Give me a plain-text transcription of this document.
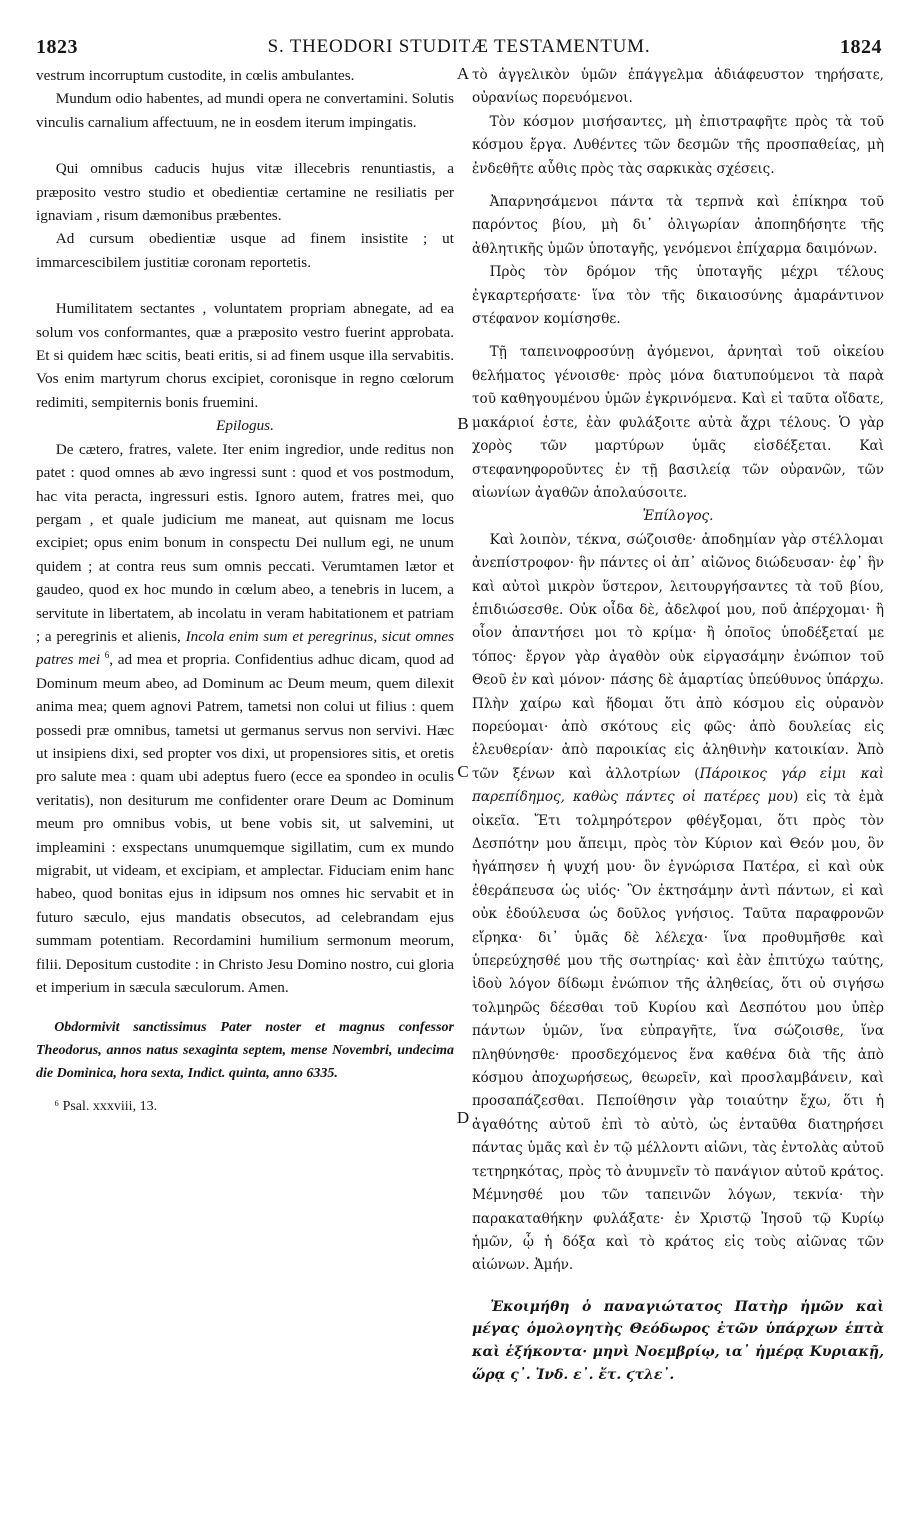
1823	S. THEODORI STUDITÆ TESTAMENTUM.	1824
A
B
C
D

vestrum incorruptum custodite, in cœlis ambulantes.

Mundum odio habentes, ad mundi opera ne convertamini. Solutis vinculis carnalium affectuum, ne in eosdem iterum impingatis.

Qui omnibus caducis hujus vitæ illecebris renuntiastis, a præposito vestro studio et obedientiæ certamine ne resiliatis per ignaviam , risum dæmonibus præbentes.

Ad cursum obedientiæ usque ad finem insistite ; ut immarcescibilem justitiæ coronam reportetis.

Humilitatem sectantes , voluntatem propriam abnegate, ad ea solum vos conformantes, quæ a præposito vestro fuerint approbata. Et si quidem hæc scitis, beati eritis, si ad finem usque illa servabitis. Vos enim martyrum chorus excipiet, coronisque in regno cœlorum redimiti, sempiternis bonis fruemini.

Epilogus.

De cætero, fratres, valete. Iter enim ingredior, unde reditus non patet : quod omnes ab ævo ingressi sunt : quod et vos postmodum, hac vita peracta, ingressuri estis. Ignoro autem, fratres mei, quo pergam , et quale judicium me maneat, aut quisnam me locus excipiet; opus enim bonum in conspectu Dei nullum egi, ne unum quidem ; at contra reus sum omnis peccati. Verumtamen lætor et gaudeo, quod ex hoc mundo in cœlum abeo, a tenebris in lucem, a servitute in libertatem, ab incolatu in veram habitationem et patriam ; a peregrinis et alienis, Incola enim sum et peregrinus, sicut omnes patres mei $^6$, ad mea et propria. Confidentius adhuc dicam, quod ad Dominum meum abeo, ad Dominum ac Deum meum, quem dilexit anima mea; quem agnovi Patrem, tametsi non colui ut filius : quem possedi præ omnibus, tametsi ut germanus servus non servivi. Hæc ut insipiens dixi, sed propter vos dixi, ut propensiores sitis, et oretis pro salute mea : quam ubi adeptus fuero (ecce ea spondeo in oculis veritatis), non desiturum me confidenter orare Deum ac Dominum meum pro omnibus vobis, ut bene vobis sit, ut salvemini, ut impleamini : exspectans unumquemque sigillatim, cum ex mundo migrabit, ut videam, et excipiam, et amplectar. Fiduciam enim hanc habeo, quod bonitas ejus in idipsum nos omnes hic servabit et in futuro sæculo, ejus mandatis obsecutos, ad celebrandam ejus summam potentiam. Recordamini humilium sermonum meorum, filii. Depositum custodite : in Christo Jesu Domino nostro, cui gloria et imperium in sæcula sæculorum. Amen.

Obdormivit sanctissimus Pater noster et magnus confessor Theodorus, annos natus sexaginta septem, mense Novembri, undecima die Dominica, hora sexta, Indict. quinta, anno 6335.

⁶ Psal. xxxviii, 13.

τὸ ἀγγελικὸν ὑμῶν ἐπάγγελμα ἀδιάφευστον τηρήσατε, οὐρανίως πορευόμενοι.

Τὸν κόσμον μισήσαντες, μὴ ἐπιστραφῆτε πρὸς τὰ τοῦ κόσμου ἔργα. Λυθέντες τῶν δεσμῶν τῆς προσπαθείας, μὴ ἐνδεθῆτε αὖθις πρὸς τὰς σαρκικὰς σχέσεις.

Ἀπαρνησάμενοι πάντα τὰ τερπνὰ καὶ ἐπίκηρα τοῦ παρόντος βίου, μὴ δι᾽ ὀλιγωρίαν ἀποπηδήσητε τῆς ἀθλητικῆς ὑμῶν ὑποταγῆς, γενόμενοι ἐπίχαρμα δαιμόνων.

Πρὸς τὸν δρόμον τῆς ὑποταγῆς μέχρι τέλους ἐγκαρτερήσατε· ἵνα τὸν τῆς δικαιοσύνης ἀμαράντινον στέφανον κομίσησθε.

Τῇ ταπεινοφροσύνῃ ἀγόμενοι, ἀρνηταὶ τοῦ οἰκείου θελήματος γένοισθε· πρὸς μόνα διατυπούμενοι τὰ παρὰ τοῦ καθηγουμένου ὑμῶν ἐγκρινόμενα. Καὶ εἰ ταῦτα οἴδατε, μακάριοί ἐστε, ἐὰν φυλάξοιτε αὐτὰ ἄχρι τέλους. Ὁ γὰρ χορὸς τῶν μαρτύρων ὑμᾶς εἰσδέξεται. Καὶ στεφανηφοροῦντες ἐν τῇ βασιλείᾳ τῶν οὐρανῶν, τῶν αἰωνίων ἀγαθῶν ἀπολαύσοιτε.

Ἐπίλογος.

Καὶ λοιπὸν, τέκνα, σώζοισθε· ἀποδημίαν γὰρ στέλλομαι ἀνεπίστροφον· ἣν πάντες οἱ ἀπ᾽ αἰῶνος διώδευσαν· ἐφ᾽ ἣν καὶ αὐτοὶ μικρὸν ὕστερον, λειτουργήσαντες τὰ τοῦ βίου, ἐπιδιώσεσθε. Οὐκ οἶδα δὲ, ἀδελφοί μου, ποῦ ἀπέρχομαι· ἢ οἷον ἀπαντήσει μοι τὸ κρίμα· ἢ ὁποῖος ὑποδέξεταί με τόπος· ἔργον γὰρ ἀγαθὸν οὐκ εἰργασάμην ἐνώπιον τοῦ Θεοῦ ἐν καὶ μόνον· πάσης δὲ ἁμαρτίας ὑπεύθυνος ὑπάρχω. Πλὴν χαίρω καὶ ἥδομαι ὅτι ἀπὸ κόσμου εἰς οὐρανὸν πορεύομαι· ἀπὸ σκότους εἰς φῶς· ἀπὸ δουλείας εἰς ἐλευθερίαν· ἀπὸ παροικίας εἰς ἀληθινὴν κατοικίαν. Ἀπὸ τῶν ξένων καὶ ἀλλοτρίων (Πάροικος γάρ εἰμι καὶ παρεπίδημος, καθὼς πάντες οἱ πατέρες μου) εἰς τὰ ἐμὰ οἰκεῖα. Ἔτι τολμηρότερον φθέγξομαι, ὅτι πρὸς τὸν Δεσπότην μου ἄπειμι, πρὸς τὸν Κύριον καὶ Θεόν μου, ὃν ἠγάπησεν ἡ ψυχή μου· ὃν ἐγνώρισα Πατέρα, εἰ καὶ οὐκ ἐθεράπευσα ὡς υἱός· Ὃν ἐκτησάμην ἀντὶ πάντων, εἰ καὶ οὐκ ἐδούλευσα ὡς δοῦλος γνήσιος. Ταῦτα παραφρονῶν εἴρηκα· δι᾽ ὑμᾶς δὲ λέλεχα· ἵνα προθυμῆσθε καὶ ὑπερεύχησθέ μου τῆς σωτηρίας· καὶ ἐὰν ἐπιτύχω ταύτης, ἰδοὺ λόγον δίδωμι ἐνώπιον τῆς ἀληθείας, ὅτι οὐ σιγήσω τολμηρῶς δέεσθαι τοῦ Κυρίου καὶ Δεσπότου μου ὑπὲρ πάντων ὑμῶν, ἵνα εὐπραγῆτε, ἵνα σώζοισθε, ἵνα πληθύνησθε· προσδεχόμενος ἕνα καθένα διὰ τῆς ἀπὸ κόσμου ἀποχωρήσεως, θεωρεῖν, καὶ προσλαμβάνειν, καὶ προσαπάζεσθαι. Πεποίθησιν γὰρ τοιαύτην ἔχω, ὅτι ἡ ἀγαθότης αὐτοῦ ἐπὶ τὸ αὐτὸ, ὡς ἐνταῦθα διατηρήσει πάντας ὑμᾶς καὶ ἐν τῷ μέλλοντι αἰῶνι, τὰς ἐντολὰς αὐτοῦ τετηρηκότας, πρὸς τὸ ἀνυμνεῖν τὸ πανάγιον αὐτοῦ κράτος. Μέμνησθέ μου τῶν ταπεινῶν λόγων, τεκνία· τὴν παρακαταθήκην φυλάξατε· ἐν Χριστῷ Ἰησοῦ τῷ Κυρίῳ ἡμῶν, ᾧ ἡ δόξα καὶ τὸ κράτος εἰς τοὺς αἰῶνας τῶν αἰώνων. Ἀμήν.

Ἐκοιμήθη ὁ παναγιώτατος Πατὴρ ἡμῶν καὶ μέγας ὁμολογητὴς Θεόδωρος ἐτῶν ὑπάρχων ἑπτὰ καὶ ἑξήκοντα· μηνὶ Νοεμβρίῳ, ια᾽ ἡμέρᾳ Κυριακῇ, ὥρᾳ ς᾽. Ἰνδ. ε᾽. ἔτ. ϛτλε᾽.
